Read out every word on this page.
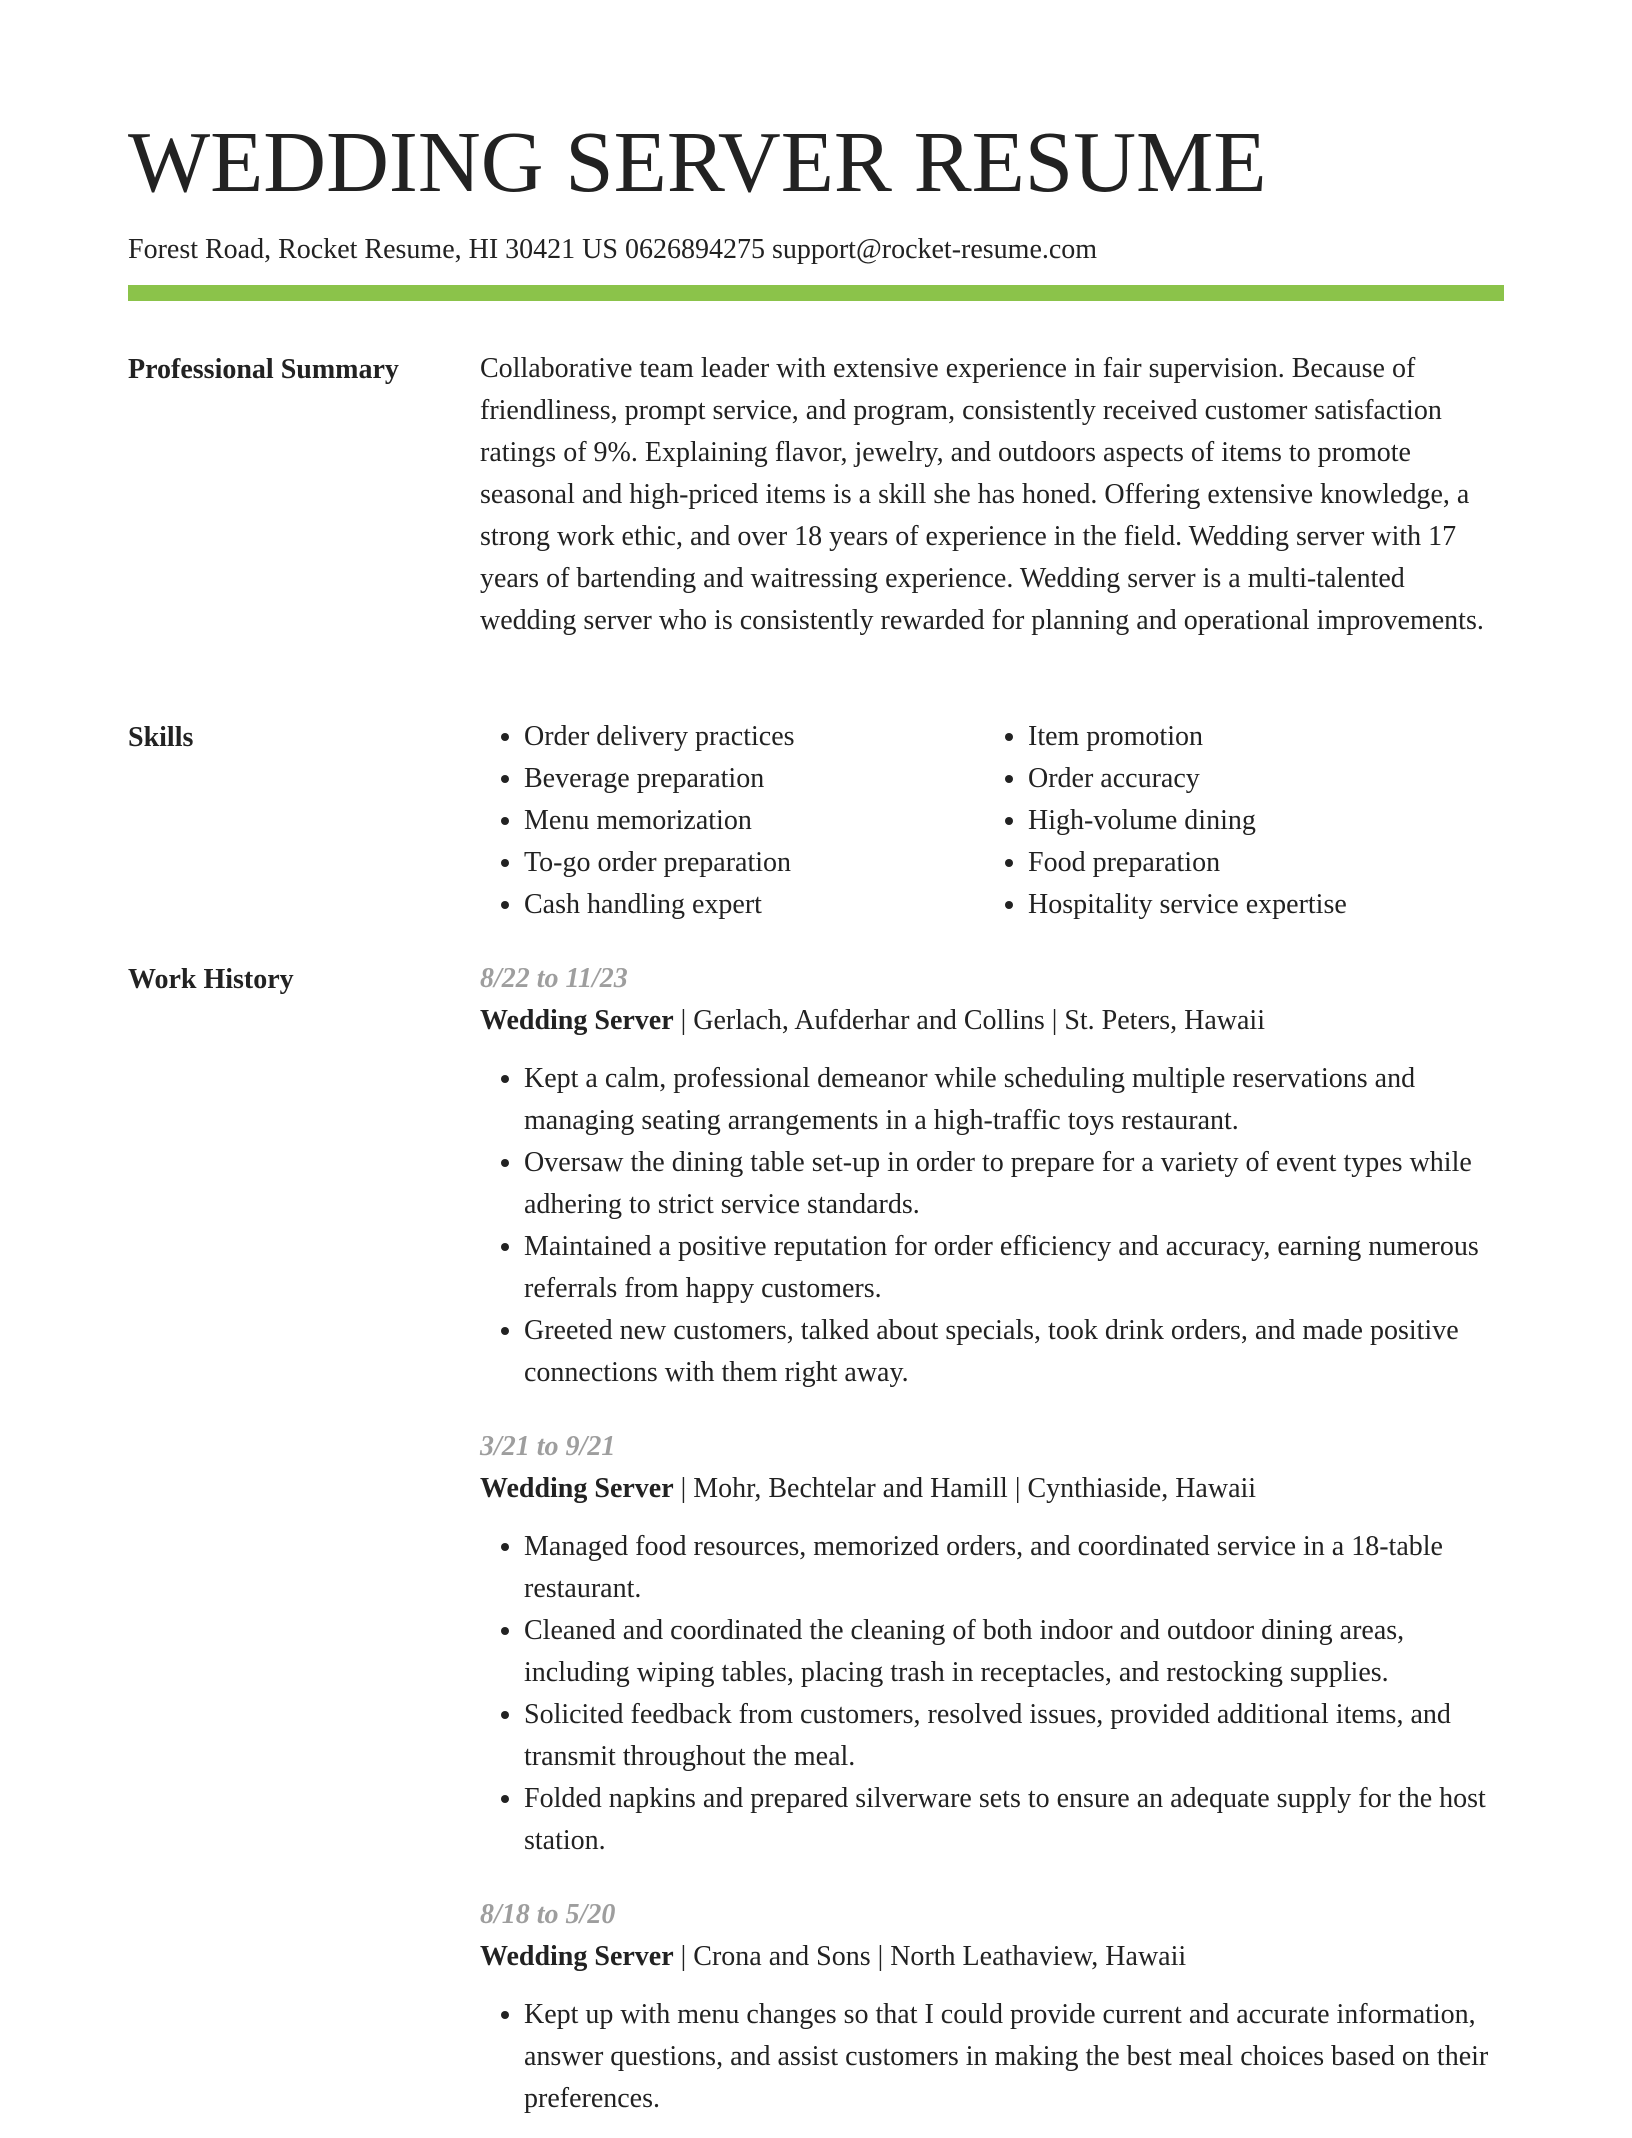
WEDDING SERVER RESUME
Forest Road, Rocket Resume, HI 30421 US 0626894275 support@rocket-resume.com
Professional Summary	Collaborative team leader with extensive experience in fair supervision. Because of friendliness, prompt service, and program, consistently received customer satisfaction ratings of 9%. Explaining flavor, jewelry, and outdoors aspects of items to promote seasonal and high-priced items is a skill she has honed. Offering extensive knowledge, a strong work ethic, and over 18 years of experience in the field. Wedding server with 17 years of bartending and waitressing experience. Wedding server is a multi-talented wedding server who is consistently rewarded for planning and operational improvements.

Skills
•	Order delivery practices
• Beverage preparation
• Menu memorization
• To-go order preparation
• Cash handling expert
• Item promotion
• Order accuracy
• High-volume dining
• Food preparation
• Hospitality service expertise
Work History	8/22 to 11/23
Wedding Server | Gerlach, Aufderhar and Collins | St. Peters, Hawaii
• Kept a calm, professional demeanor while scheduling multiple reservations and managing seating arrangements in a high-traffic toys restaurant.
• Oversaw the dining table set-up in order to prepare for a variety of event types while adhering to strict service standards.
• Maintained a positive reputation for order efficiency and accuracy, earning numerous referrals from happy customers.
• Greeted new customers, talked about specials, took drink orders, and made positive connections with them right away.
3/21 to 9/21
Wedding Server | Mohr, Bechtelar and Hamill | Cynthiaside, Hawaii
• Managed food resources, memorized orders, and coordinated service in a 18-table restaurant.
• Cleaned and coordinated the cleaning of both indoor and outdoor dining areas, including wiping tables, placing trash in receptacles, and restocking supplies.
• Solicited feedback from customers, resolved issues, provided additional items, and transmit throughout the meal.
• Folded napkins and prepared silverware sets to ensure an adequate supply for the host station.
8/18 to 5/20
Wedding Server | Crona and Sons | North Leathaview, Hawaii
• Kept up with menu changes so that I could provide current and accurate information, answer questions, and assist customers in making the best meal choices based on their preferences.
